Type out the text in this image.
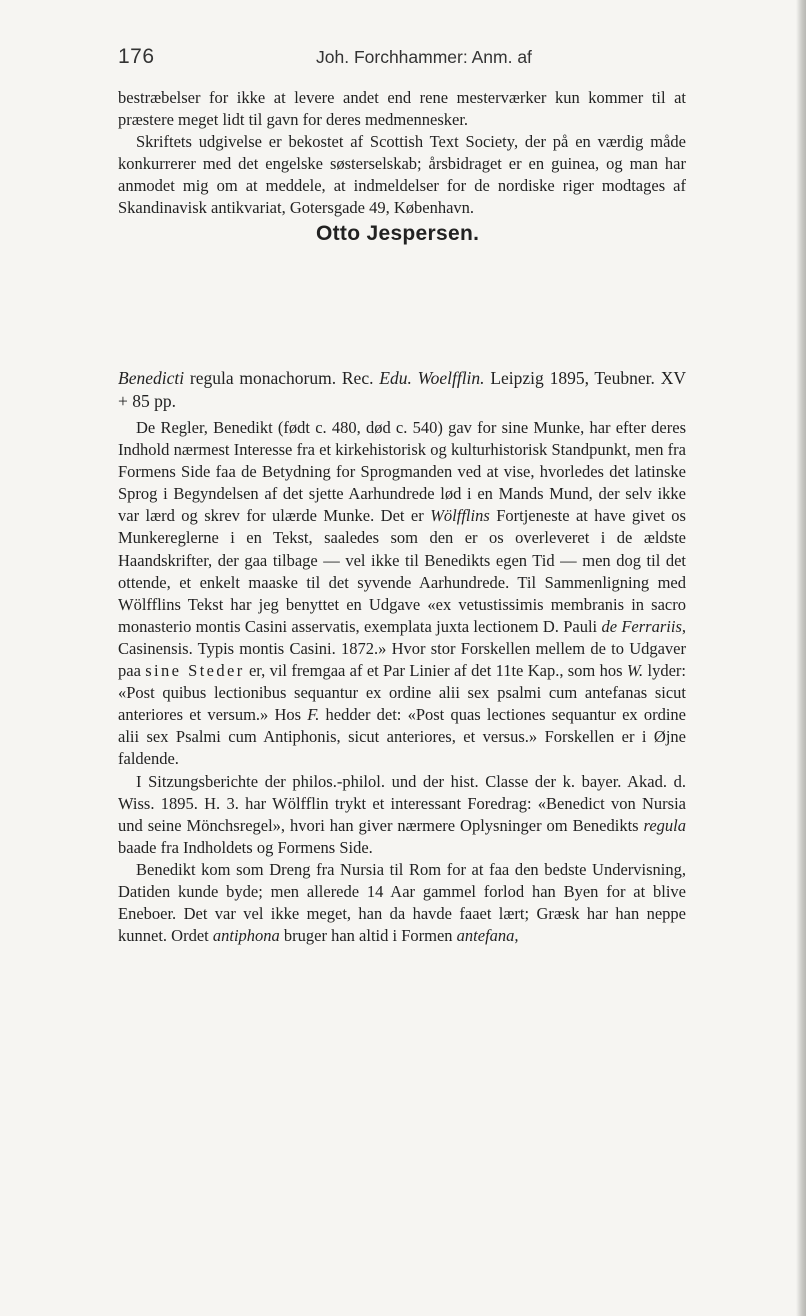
176	Joh. Forchhammer: Anm. af

bestræbelser for ikke at levere andet end rene mesterværker kun kommer til at præstere meget lidt til gavn for deres medmennesker.

Skriftets udgivelse er bekostet af Scottish Text Society, der på en værdig måde konkurrerer med det engelske søsterselskab; årsbidraget er en guinea, og man har anmodet mig om at meddele, at indmeldelser for de nordiske riger modtages af Skandinavisk antikvariat, Gotersgade 49, København.

Otto Jespersen.

Benedicti regula monachorum. Rec. Edu. Woelfflin. Leipzig 1895, Teubner. XV + 85 pp.

De Regler, Benedikt (født c. 480, død c. 540) gav for sine Munke, har efter deres Indhold nærmest Interesse fra et kirkehistorisk og kulturhistorisk Standpunkt, men fra Formens Side faa de Betydning for Sprogmanden ved at vise, hvorledes det latinske Sprog i Begyndelsen af det sjette Aarhundrede lød i en Mands Mund, der selv ikke var lærd og skrev for ulærde Munke. Det er Wölfflins Fortjeneste at have givet os Munkereglerne i en Tekst, saaledes som den er os overleveret i de ældste Haandskrifter, der gaa tilbage — vel ikke til Benedikts egen Tid — men dog til det ottende, et enkelt maaske til det syvende Aarhundrede. Til Sammenligning med Wölfflins Tekst har jeg benyttet en Udgave «ex vetustissimis membranis in sacro monasterio montis Casini asservatis, exemplata juxta lectionem D. Pauli de Ferrariis, Casinensis. Typis montis Casini. 1872.» Hvor stor Forskellen mellem de to Udgaver paa sine Steder er, vil fremgaa af et Par Linier af det 11te Kap., som hos W. lyder: «Post quibus lectionibus sequantur ex ordine alii sex psalmi cum antefanas sicut anteriores et versum.» Hos F. hedder det: «Post quas lectiones sequantur ex ordine alii sex Psalmi cum Antiphonis, sicut anteriores, et versus.» Forskellen er i Øjne faldende.

I Sitzungsberichte der philos.-philol. und der hist. Classe der k. bayer. Akad. d. Wiss. 1895. H. 3. har Wölfflin trykt et interessant Foredrag: «Benedict von Nursia und seine Mönchsregel», hvori han giver nærmere Oplysninger om Benedikts regula baade fra Indholdets og Formens Side.

Benedikt kom som Dreng fra Nursia til Rom for at faa den bedste Undervisning, Datiden kunde byde; men allerede 14 Aar gammel forlod han Byen for at blive Eneboer. Det var vel ikke meget, han da havde faaet lært; Græsk har han neppe kunnet. Ordet antiphona bruger han altid i Formen antefana,
